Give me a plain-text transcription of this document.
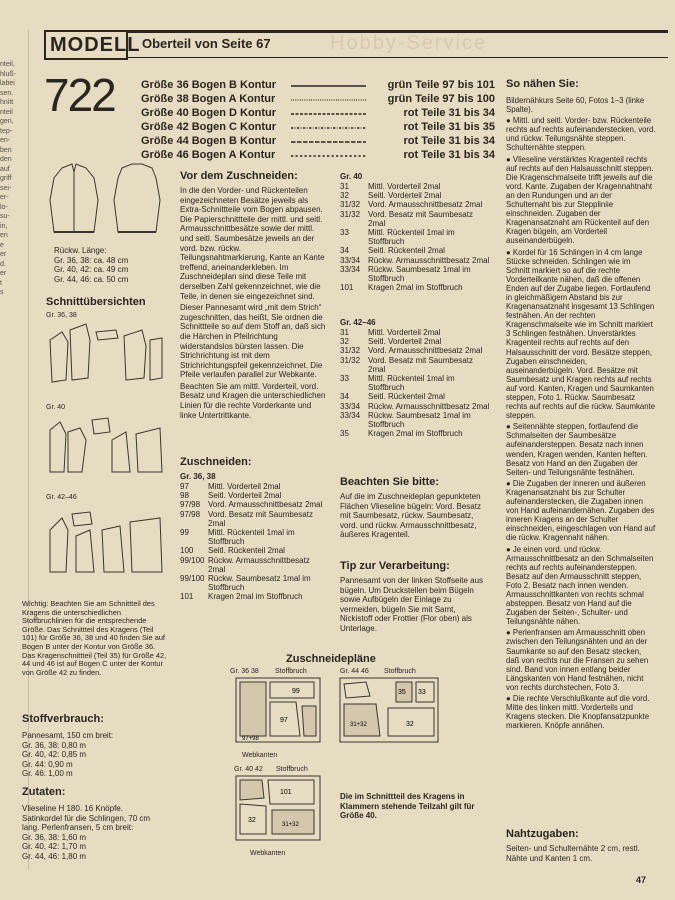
nteil,
hluß-
labei
sen.
hnitt
nteil
gen,
tep-
en-
ben
den
auf
griff
sei-
er-
lo-
su-
in,
en
e
er
d.
er
t
s
MODELL	Hobby-Service
Oberteil von Seite 67
722 Größe 36 Bogen B Kontur	grün Teile 97 bis 101
Größe 38 Bogen A Kontur	grün Teile 97 bis 100
Größe 40 Bogen D Kontur	rot Teile 31 bis 34
Größe 42 Bogen C Kontur	rot Teile 31 bis 35
Größe 44 Bogen B Kontur	rot Teile 31 bis 34
Größe 46 Bogen A Kontur	rot Teile 31 bis 34
Rückw. Länge:
Gr. 36, 38: ca. 48 cm
Gr. 40, 42: ca. 49 cm
Gr. 44, 46: ca. 50 cm
Schnittübersichten
Gr. 36, 38
Gr. 40
Gr. 42–46
Wichtig: Beachten Sie am Schnittteil des Kragens die unterschiedlichen Stoffbruchlinien für die entsprechende Größe. Das Schnittteil des Kragens (Teil 101) für Größe 36, 38 und 40 finden Sie auf Bogen B unter der Kontur von Größe 36. Das Kragenschnittteil (Teil 35) für Größe 42, 44 und 46 ist auf Bogen C unter der Kontur von Größe 42 zu finden.
Stoffverbrauch:
Pannesamt, 150 cm breit:
Gr. 36, 38: 0,80 m
Gr. 40, 42: 0,85 m
Gr. 44: 0,90 m
Gr. 46: 1,00 m
Zutaten:
Vlieseline H 180. 16 Knöpfe. Satinkordel für die Schlingen, 70 cm lang. Perlenfransen, 5 cm breit:
Gr. 36, 38: 1,60 m
Gr. 40, 42: 1,70 m
Gr. 44, 46: 1,80 m
Vor dem Zuschneiden:

In die den Vorder- und Rückenteilen eingezeichneten Besätze jeweils als Extra-Schnittteile vom Bogen abpausen. Die Papierschnittteile der mittl. und seitl. Armausschnittbesätze sowie der mittl. und seitl. Saumbesätze jeweils an der vord. bzw. rückw. Teilungsnahtmarkierung, Kante an Kante treffend, aneinanderkleben. Im Zuschneideplan sind diese Teile mit derselben Zahl gekennzeichnet, wie die Teile, in denen sie eingezeichnet sind.

Dieser Pannesamt wird „mit dem Strich“ zugeschnitten, das heißt, Sie ordnen die Schnittteile so auf dem Stoff an, daß sich die Härchen in Pfeilrichtung widerstandslos bürsten lassen. Die Strichrichtung ist mit dem Strichrichtungspfeil gekennzeichnet. Die Pfeile verlaufen parallel zur Webkante.

Beachten Sie am mittl. Vorderteil, vord. Besatz und Kragen die unterschiedlichen Linien für die rechte Vorderkante und linke Untertrittkante.

Zuschneiden:
Gr. 36, 38
97	Mittl. Vorderteil 2mal
98	Seitl. Vorderteil 2mal
97/98	Vord. Armausschnittbesatz 2mal
97/98	Vord. Besatz mit Saumbesatz 2mal
99	Mittl. Rückenteil 1mal im Stoffbruch
100	Seitl. Rückenteil 2mal
99/100	Rückw. Armausschnittbesatz 2mal
99/100	Rückw. Saumbesatz 1mal im Stoffbruch
101	Kragen 2mal im Stoffbruch
Gr. 40
31	Mittl. Vorderteil 2mal
32	Seitl. Vorderteil 2mal
31/32	Vord. Armausschnittbesatz 2mal
31/32	Vord. Besatz mit Saumbesatz 2mal
33	Mittl. Rückenteil 1mal im Stoffbruch
34	Seitl. Rückenteil 2mal
33/34	Rückw. Armausschnittbesatz 2mal
33/34	Rückw. Saumbesatz 1mal im Stoffbruch
101	Kragen 2mal im Stoffbruch
Gr. 42–46
31	Mittl. Vorderteil 2mal
32	Seitl. Vorderteil 2mal
31/32	Vord. Armausschnittbesatz 2mal
31/32	Vord. Besatz mit Saumbesatz 2mal
33	Mittl. Rückenteil 1mal im Stoffbruch
34	Seitl. Rückenteil 2mal
33/34	Rückw. Armausschnittbesatz 2mal
33/34	Rückw. Saumbesatz 1mal im Stoffbruch
35	Kragen 2mal im Stoffbruch
Beachten Sie bitte:

Auf die im Zuschneideplan gepunkteten Flächen Vlieseline bügeln: Vord. Besatz mit Saumbesatz, rückw. Saumbesatz, vord. und rückw. Armausschnittbesatz, äußeres Kragenteil.

Tip zur Verarbeitung:

Pannesamt von der linken Stoffseite aus bügeln. Um Druckstellen beim Bügeln sowie Aufbügeln der Einlage zu vermeiden, bügeln Sie mit Samt, Nickistoff oder Frottier (Flor oben) als Unterlage.

Zuschneidepläne
Gr. 36 38 Stoffbruch
99
97
97+98
Webkanten
Gr. 44 46 Stoffbruch
35 33
32
31+32
Gr. 40 42 Stoffbruch
101
32
31+32
Webkanten

Die im Schnittteil des Kragens in Klammern stehende Teilzahl gilt für Größe 40.

So nähen Sie:

Bildernähkurs Seite 60, Fotos 1–3 (linke Spalte).

● Mittl. und seitl. Vorder- bzw. Rückenteile rechts auf rechts aufeinanderstecken, vord. und rückw. Teilungsnähte steppen. Schulternähte steppen.

● Vlieseline verstärktes Kragenteil rechts auf rechts auf den Halsausschnitt steppen. Die Kragenschmalseite trifft jeweils auf die vord. Kante. Zugaben der Kragennahtnaht an den Rundungen und an der Schulternaht bis zur Steppliniie einschneiden. Zugaben der Kragenansatznaht am Rückenteil auf den Kragen bügeln, am Vorderteil auseinanderbügeln.

● Kordel für 16 Schlingen in 4 cm lange Stücke schneiden. Schlingen wie im Schnitt markiert so auf die rechte Vorderteilkante nähen, daß die offenen Enden auf der Zugabe liegen. Fortlaufend in gleichmäßigem Abstand bis zur Kragenansatznaht insgesamt 13 Schlingen festnähen. An der rechten Kragenschmalseite wie im Schnitt markiert 3 Schlingen festnähen. Unverstärktes Kragenteil rechts auf rechts auf den Halsausschnitt der vord. Besätze steppen, Zugaben einschneiden, auseinanderbügeln. Vord. Besätze mit Saumbesatz und Kragen rechts auf rechts auf vord. Kanten, Kragen und Saumkanten steppen, Foto 1. Rückw. Saumbesatz rechts auf rechts auf die rückw. Saumkante steppen.

● Seitennähte steppen, fortlaufend die Schmalseiten der Saumbesätze aufeinandersteppen. Besatz nach innen wenden, Kragen wenden, Kanten heften. Besatz von Hand an den Zugaben der Seiten- und Teilungsnähte festnähen.

● Die Zugaben der inneren und äußeren Kragenansatznaht bis zur Schulter aufeinanderstecken, die Zugaben innen von Hand aufeinandernähen. Zugaben des inneren Kragens an der Schulter einschneiden, eingeschlagen von Hand auf die rückw. Kragennaht nähen.

● Je einen vord. und rückw. Armausschnittbesatz an den Schmalseiten rechts auf rechts aufeinandersteppen. Besatz auf den Armausschnitt steppen, Foto 2. Besatz nach innen wenden. Armausschnittkanten von rechts schmal absteppen. Besatz von Hand auf die Zugaben der Seiten-, Schulter- und Teilungsnähte nähen.

● Perlenfransen am Armausschnitt oben zwischen den Teilungsnähten und an der Saumkante so auf den Besatz stecken, daß von rechts nur die Fransen zu sehen sind. Band von innen entlang beider Längskanten von Hand festnähen, nicht von rechts durchstechen, Foto 3.

● Die rechte Verschlußkante auf die vord. Mitte des linken mittl. Vorderteils und Kragens stecken. Die Knopfansatzpunkte markieren. Knöpfe annähen.

Nahtzugaben:

Seiten- und Schulternähte 2 cm, restl. Nähte und Kanten 1 cm.

47
